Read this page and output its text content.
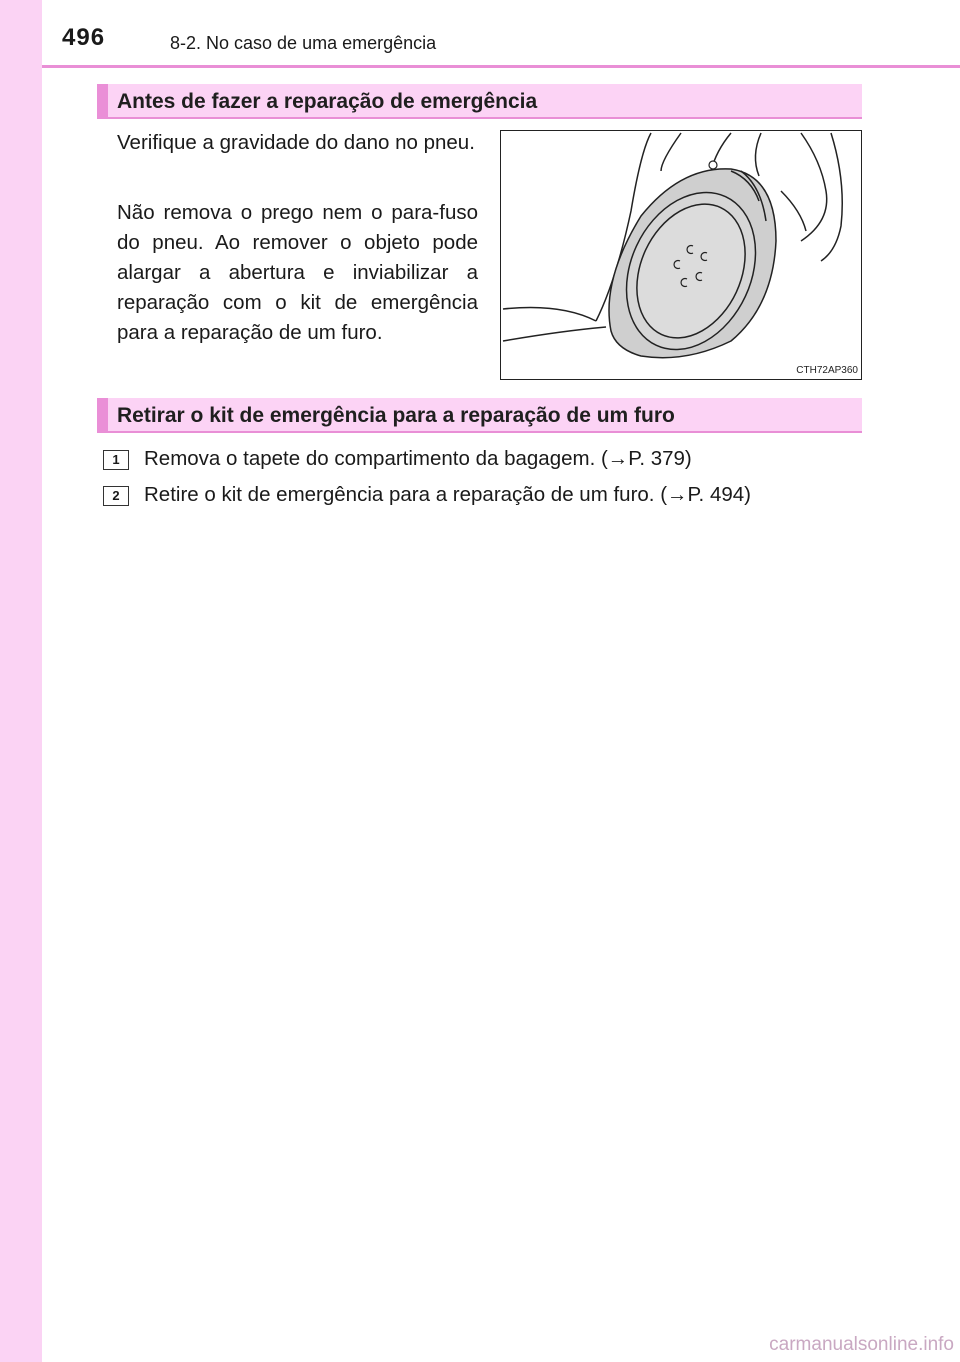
496	8-2. No caso de uma emergência
Antes de fazer a reparação de emergência

Verifique a gravidade do dano no pneu.

Não remova o prego nem o para-fuso do pneu. Ao remover o objeto pode alargar a abertura e inviabilizar a reparação com o kit de emergência para a reparação de um furo.

CTH72AP360
Retirar o kit de emergência para a reparação de um furo
1	Remova o tapete do compartimento da bagagem. (→P. 379)
2	Retire o kit de emergência para a reparação de um furo. (→P. 494)
carmanualsonline.info
